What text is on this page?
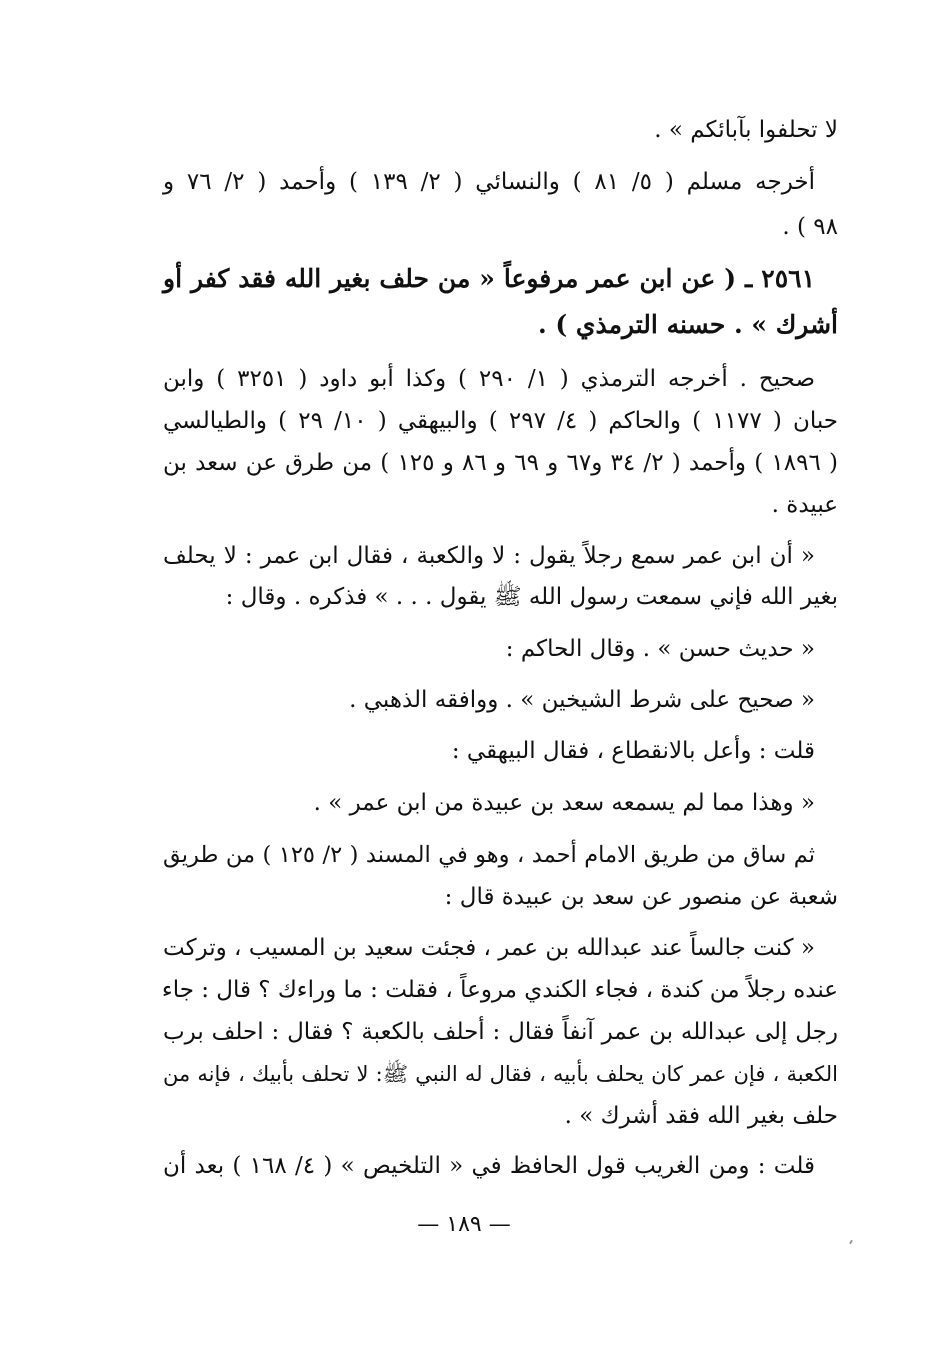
لا تحلفوا بآبائكم » .
أخرجه مسلم ( ٥/ ٨١ ) والنسائي ( ٢/ ١٣٩ ) وأحمد ( ٢/ ٧٦ و
٩٨ ) .
٢٥٦١ ـ ( عن ابن عمر مرفوعاً « من حلف بغير الله فقد كفر أو
أشرك » . حسنه الترمذي ) .
صحيح . أخرجه الترمذي ( ١/ ٢٩٠ ) وكذا أبو داود ( ٣٢٥١ ) وابن
حبان ( ١١٧٧ ) والحاكم ( ٤/ ٢٩٧ ) والبيهقي ( ١٠/ ٢٩ ) والطيالسي
( ١٨٩٦ ) وأحمد ( ٢/ ٣٤ و٦٧ و ٦٩ و ٨٦ و ١٢٥ ) من طرق عن سعد بن
عبيدة .
« أن ابن عمر سمع رجلاً يقول : لا والكعبة ، فقال ابن عمر : لا يحلف
بغير الله فإني سمعت رسول الله ﷺ يقول . . . » فذكره . وقال :
« حديث حسن » . وقال الحاكم :
« صحيح على شرط الشيخين » . ووافقه الذهبي .
قلت : وأعل بالانقطاع ، فقال البيهقي :
« وهذا مما لم يسمعه سعد بن عبيدة من ابن عمر » .
ثم ساق من طريق الامام أحمد ، وهو في المسند ( ٢/ ١٢٥ ) من طريق
شعبة عن منصور عن سعد بن عبيدة قال :
« كنت جالساً عند عبدالله بن عمر ، فجئت سعيد بن المسيب ، وتركت
عنده رجلاً من كندة ، فجاء الكندي مروعاً ، فقلت : ما وراءك ؟ قال : جاء
رجل إلى عبدالله بن عمر آنفاً فقال : أحلف بالكعبة ؟ فقال : احلف برب
الكعبة ، فإن عمر كان يحلف بأبيه ، فقال له النبي ﷺ: لا تحلف بأبيك ، فإنه من
حلف بغير الله فقد أشرك » .
قلت : ومن الغريب قول الحافظ في « التلخيص » ( ٤/ ١٦٨ ) بعد أن
— ١٨٩ —
